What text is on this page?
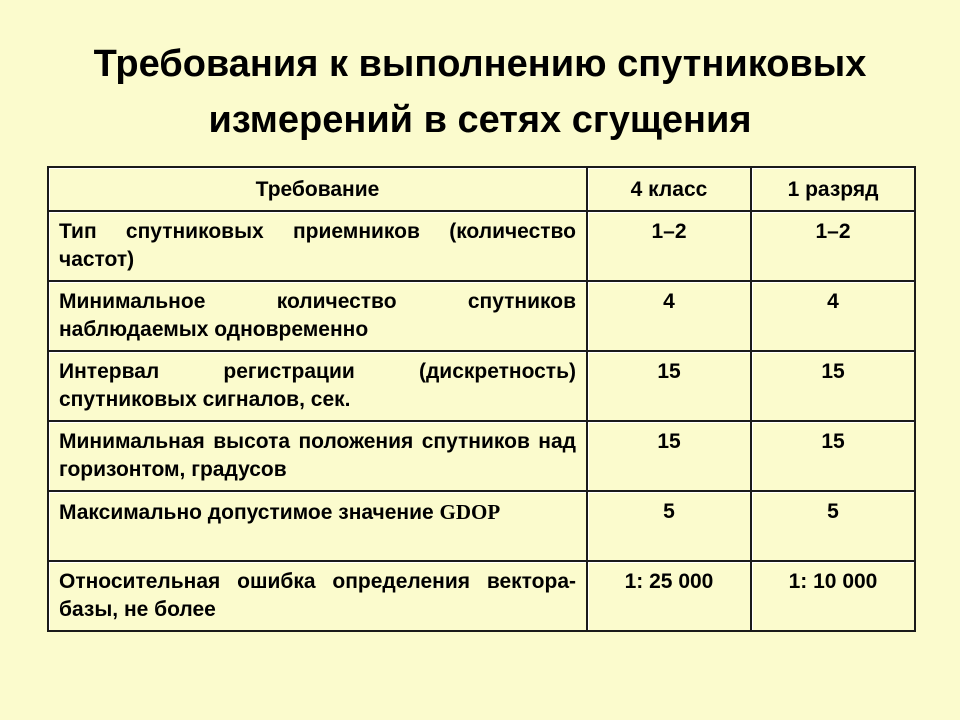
Требования к выполнению спутниковых
измерений в сетях сгущения
Требование	4 класс	1 разряд
Тип спутниковых приемников (количество частот)	1–2	1–2
Минимальное количество спутников наблюдаемых одновременно	4	4
Интервал регистрации (дискретность) спутниковых сигналов, сек.	15	15
Минимальная высота положения спутников над горизонтом, градусов	15	15
Максимально допустимое значение GDOP	5	5
Относительная ошибка определения вектора-базы, не более	1: 25 000	1: 10 000
